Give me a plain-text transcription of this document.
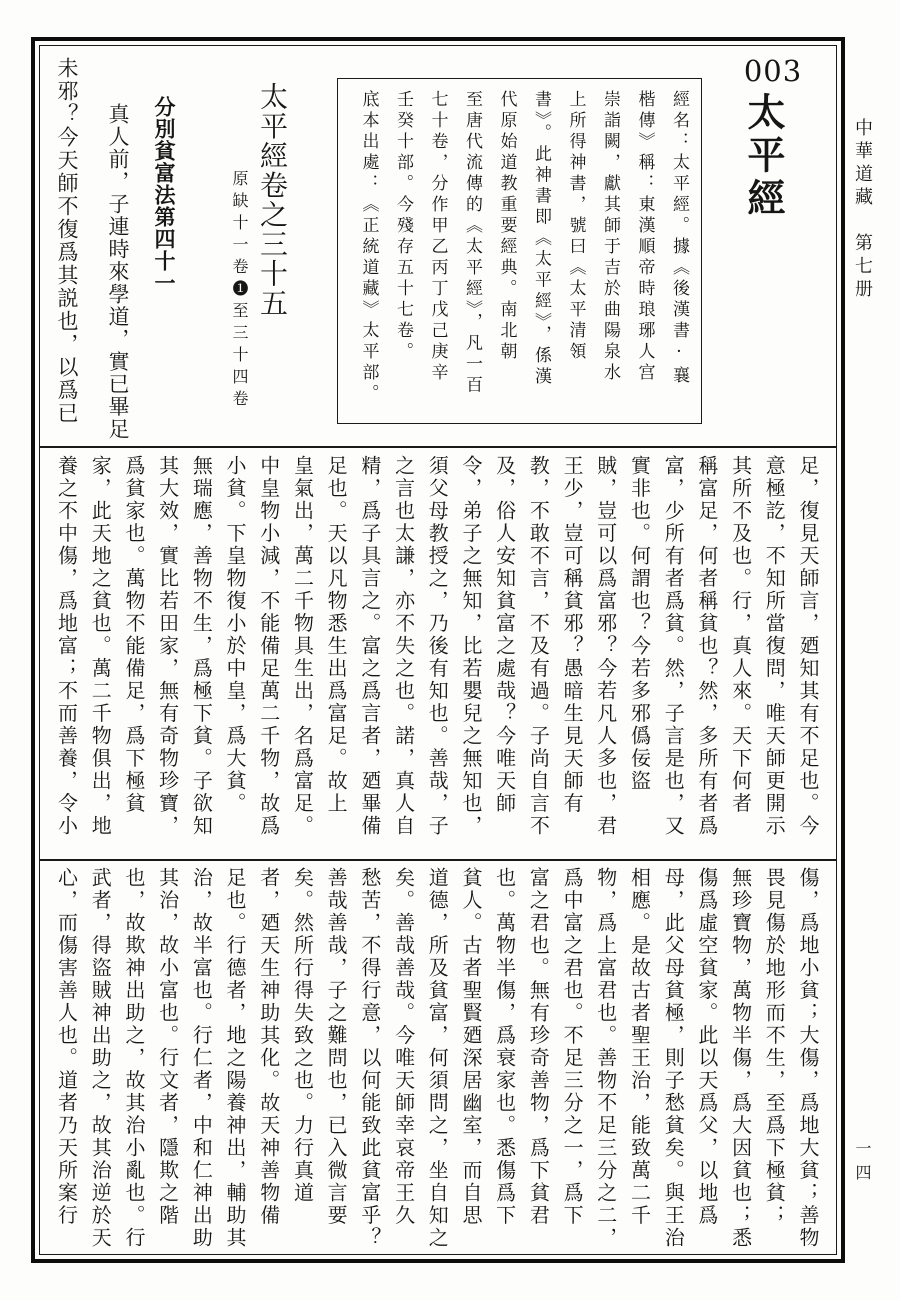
中華道藏　第七册
一四
003
太平經
經名：太平經。據《後漢書·襄
楷傳》稱：東漢順帝時琅琊人宫
崇詣闕，獻其師于吉於曲陽泉水
上所得神書，號曰《太平清領
書》。此神書即《太平經》，係漢
代原始道教重要經典。南北朝
至唐代流傳的《太平經》，凡一百
七十卷，分作甲乙丙丁戊己庚辛
壬癸十部。今殘存五十七卷。
底本出處：《正統道藏》太平部。
太平經卷之三十五
原缺十一卷❶至三十四卷
分別貧富法第四十一
真人前，子連時來學道，實已畢足
未邪？今天師不復爲其説也，以爲已
足，復見天師言，廼知其有不足也。今
意極訖，不知所當復問，唯天師更開示
其所不及也。行，真人來。天下何者
稱富足，何者稱貧也？然，多所有者爲
富，少所有者爲貧。然，子言是也，又
實非也。何謂也？今若多邪僞佞盜
賊，豈可以爲富邪？今若凡人多也，君
王少，豈可稱貧邪？愚暗生見天師有
教，不敢不言，不及有過。子尚自言不
及，俗人安知貧富之處哉？今唯天師
令，弟子之無知，比若嬰兒之無知也，
須父母教授之，乃後有知也。善哉，子
之言也太謙，亦不失之也。諾，真人自
精，爲子具言之。富之爲言者，廼畢備
足也。天以凡物悉生出爲富足。故上
皇氣出，萬二千物具生出，名爲富足。
中皇物小減，不能備足萬二千物，故爲
小貧。下皇物復小於中皇，爲大貧。
無瑞應，善物不生，爲極下貧。子欲知
其大效，實比若田家，無有奇物珍寶，
爲貧家也。萬物不能備足，爲下極貧
家，此天地之貧也。萬二千物俱出，地
養之不中傷，爲地富；不而善養，令小
傷，爲地小貧；大傷，爲地大貧；善物
畏見傷於地形而不生，至爲下極貧；
無珍寶物，萬物半傷，爲大因貧也；悉
傷爲虛空貧家。此以天爲父，以地爲
母，此父母貧極，則子愁貧矣。與王治
相應。是故古者聖王治，能致萬二千
物，爲上富君也。善物不足三分之二，
爲中富之君也。不足三分之一，爲下
富之君也。無有珍奇善物，爲下貧君
也。萬物半傷，爲衰家也。悉傷爲下
貧人。古者聖賢廼深居幽室，而自思
道德，所及貧富，何須問之，坐自知之
矣。善哉善哉。今唯天師幸哀帝王久
愁苦，不得行意，以何能致此貧富乎？
善哉善哉，子之難問也，已入微言要
矣。然所行得失致之也。力行真道
者，廼天生神助其化。故天神善物備
足也。行德者，地之陽養神出，輔助其
治，故半富也。行仁者，中和仁神出助
其治，故小富也。行文者，隱欺之階
也，故欺神出助之，故其治小亂也。行
武者，得盜賊神出助之，故其治逆於天
心，而傷害善人也。道者乃天所案行
